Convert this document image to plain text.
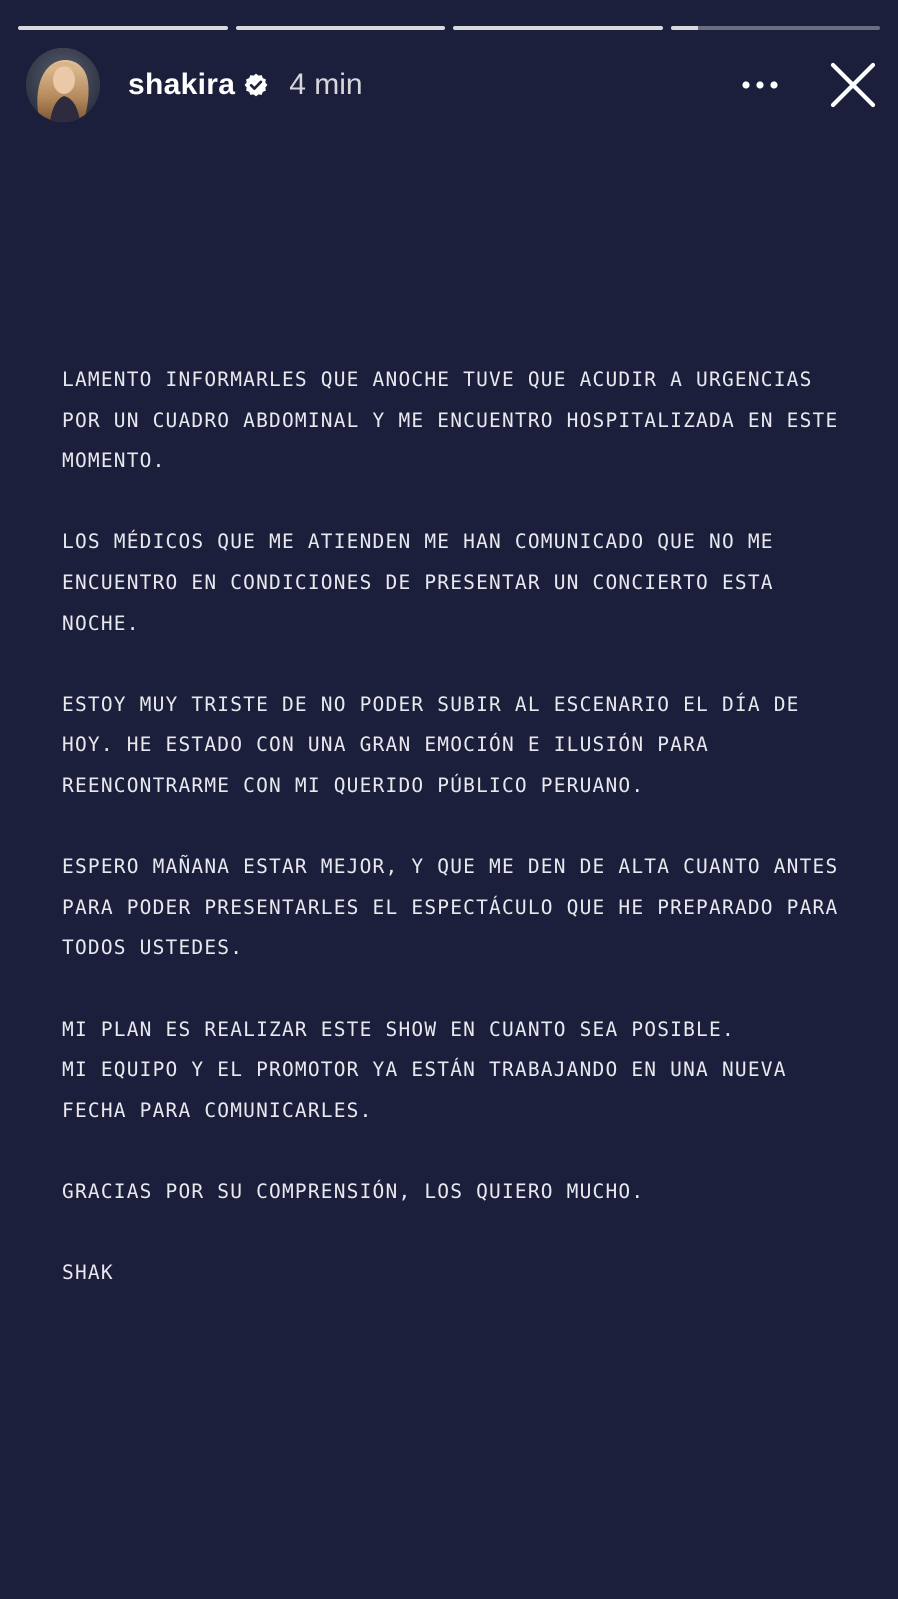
shakira 4 min
LAMENTO INFORMARLES QUE ANOCHE TUVE QUE ACUDIR A URGENCIAS
POR UN CUADRO ABDOMINAL Y ME ENCUENTRO HOSPITALIZADA EN ESTE
MOMENTO.
LOS MÉDICOS QUE ME ATIENDEN ME HAN COMUNICADO QUE NO ME
ENCUENTRO EN CONDICIONES DE PRESENTAR UN CONCIERTO ESTA
NOCHE.
ESTOY MUY TRISTE DE NO PODER SUBIR AL ESCENARIO EL DÍA DE
HOY. HE ESTADO CON UNA GRAN EMOCIÓN E ILUSIÓN PARA
REENCONTRARME CON MI QUERIDO PÚBLICO PERUANO.
ESPERO MAÑANA ESTAR MEJOR, Y QUE ME DEN DE ALTA CUANTO ANTES
PARA PODER PRESENTARLES EL ESPECTÁCULO QUE HE PREPARADO PARA
TODOS USTEDES.
MI PLAN ES REALIZAR ESTE SHOW EN CUANTO SEA POSIBLE.
MI EQUIPO Y EL PROMOTOR YA ESTÁN TRABAJANDO EN UNA NUEVA
FECHA PARA COMUNICARLES.
GRACIAS POR SU COMPRENSIÓN, LOS QUIERO MUCHO.
SHAK
